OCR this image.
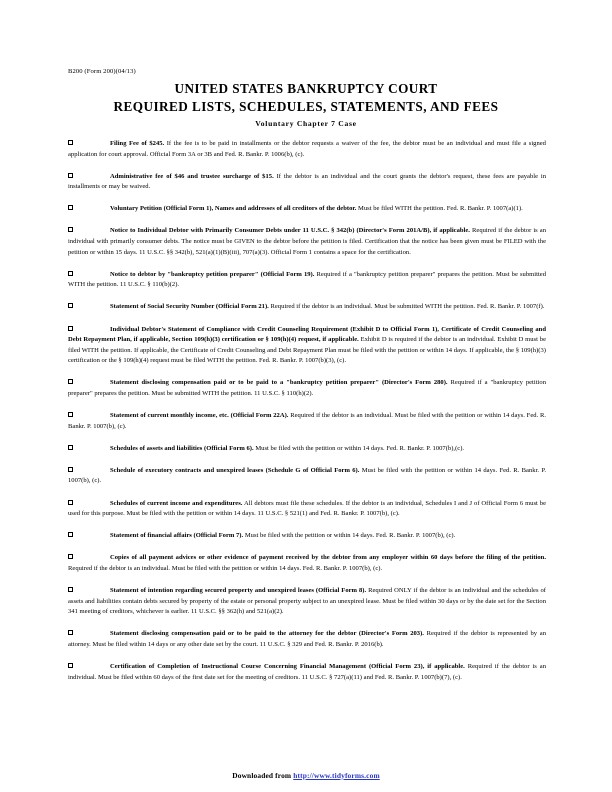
B200 (Form 200)(04/13)
UNITED STATES BANKRUPTCY COURT
REQUIRED LISTS, SCHEDULES, STATEMENTS, AND FEES
Voluntary Chapter 7 Case
Filing Fee of $245. If the fee is to be paid in installments or the debtor requests a waiver of the fee, the debtor must be an individual and must file a signed application for court approval. Official Form 3A or 3B and Fed. R. Bankr. P. 1006(b), (c).
Administrative fee of $46 and trustee surcharge of $15. If the debtor is an individual and the court grants the debtor's request, these fees are payable in installments or may be waived.
Voluntary Petition (Official Form 1), Names and addresses of all creditors of the debtor. Must be filed WITH the petition. Fed. R. Bankr. P. 1007(a)(1).
Notice to Individual Debtor with Primarily Consumer Debts under 11 U.S.C. § 342(b) (Director's Form 201A/B), if applicable. Required if the debtor is an individual with primarily consumer debts. The notice must be GIVEN to the debtor before the petition is filed. Certification that the notice has been given must be FILED with the petition or within 15 days. 11 U.S.C. §§ 342(b), 521(a)(1)(B)(iii), 707(a)(3). Official Form 1 contains a space for the certification.
Notice to debtor by "bankruptcy petition preparer" (Official Form 19). Required if a "bankruptcy petition preparer" prepares the petition. Must be submitted WITH the petition. 11 U.S.C. § 110(b)(2).
Statement of Social Security Number (Official Form 21). Required if the debtor is an individual. Must be submitted WITH the petition. Fed. R. Bankr. P. 1007(f).
Individual Debtor's Statement of Compliance with Credit Counseling Requirement (Exhibit D to Official Form 1), Certificate of Credit Counseling and Debt Repayment Plan, if applicable, Section 109(h)(3) certification or § 109(h)(4) request, if applicable. Exhibit D is required if the debtor is an individual. Exhibit D must be filed WITH the petition. If applicable, the Certificate of Credit Counseling and Debt Repayment Plan must be filed with the petition or within 14 days. If applicable, the § 109(h)(3) certification or the § 109(h)(4) request must be filed WITH the petition. Fed. R. Bankr. P. 1007(b)(3), (c).
Statement disclosing compensation paid or to be paid to a "bankruptcy petition preparer" (Director's Form 280). Required if a "bankruptcy petition preparer" prepares the petition. Must be submitted WITH the petition. 11 U.S.C. § 110(h)(2).
Statement of current monthly income, etc. (Official Form 22A). Required if the debtor is an individual. Must be filed with the petition or within 14 days. Fed. R. Bankr. P. 1007(b), (c).
Schedules of assets and liabilities (Official Form 6). Must be filed with the petition or within 14 days. Fed. R. Bankr. P. 1007(b),(c).
Schedule of executory contracts and unexpired leases (Schedule G of Official Form 6). Must be filed with the petition or within 14 days. Fed. R. Bankr. P. 1007(b), (c).
Schedules of current income and expenditures. All debtors must file these schedules. If the debtor is an individual, Schedules I and J of Official Form 6 must be used for this purpose. Must be filed with the petition or within 14 days. 11 U.S.C. § 521(1) and Fed. R. Bankr. P. 1007(b), (c).
Statement of financial affairs (Official Form 7). Must be filed with the petition or within 14 days. Fed. R. Bankr. P. 1007(b), (c).
Copies of all payment advices or other evidence of payment received by the debtor from any employer within 60 days before the filing of the petition. Required if the debtor is an individual. Must be filed with the petition or within 14 days. Fed. R. Bankr. P. 1007(b), (c).
Statement of intention regarding secured property and unexpired leases (Official Form 8). Required ONLY if the debtor is an individual and the schedules of assets and liabilities contain debts secured by property of the estate or personal property subject to an unexpired lease. Must be filed within 30 days or by the date set for the Section 341 meeting of creditors, whichever is earlier. 11 U.S.C. §§ 362(h) and 521(a)(2).
Statement disclosing compensation paid or to be paid to the attorney for the debtor (Director's Form 203). Required if the debtor is represented by an attorney. Must be filed within 14 days or any other date set by the court. 11 U.S.C. § 329 and Fed. R. Bankr. P. 2016(b).
Certification of Completion of Instructional Course Concerning Financial Management (Official Form 23), if applicable. Required if the debtor is an individual. Must be filed within 60 days of the first date set for the meeting of creditors. 11 U.S.C. § 727(a)(11) and Fed. R. Bankr. P. 1007(b)(7), (c).
Downloaded from http://www.tidyforms.com
